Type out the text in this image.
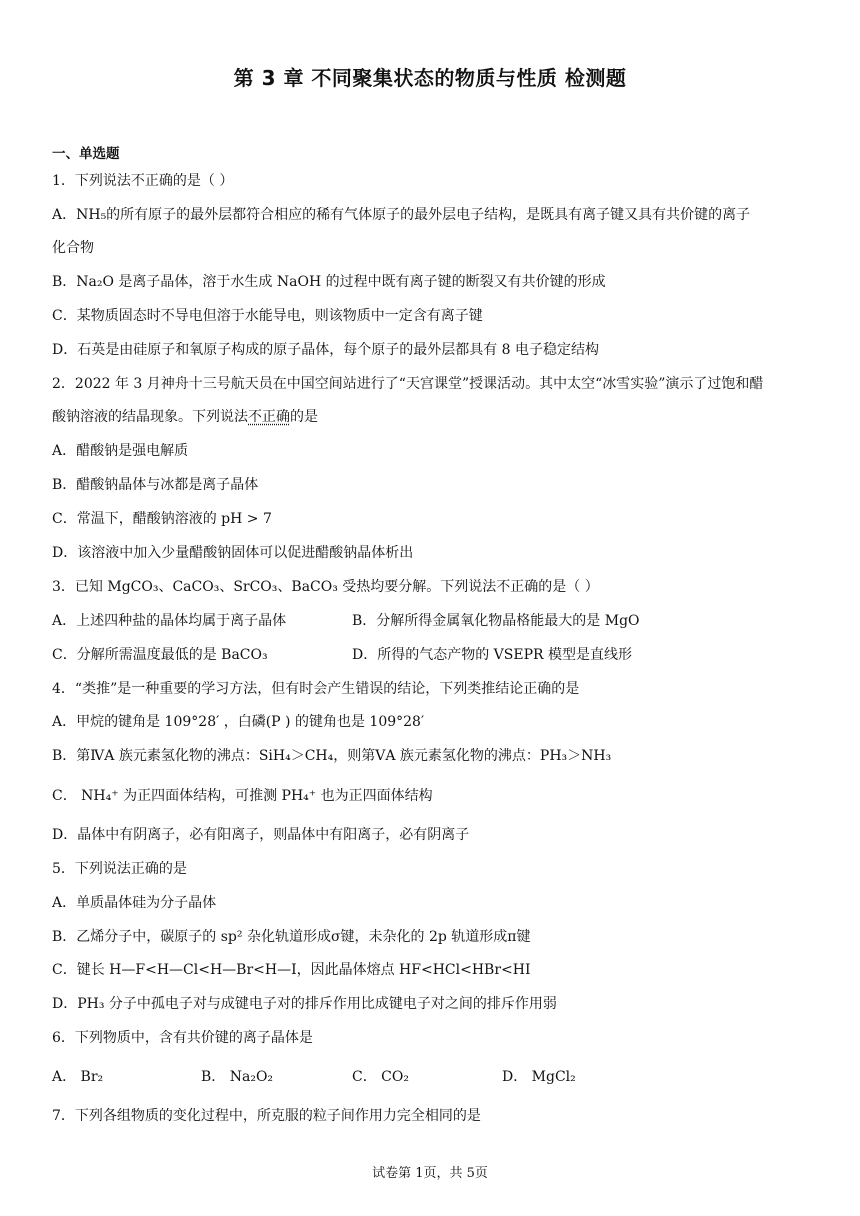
第 3 章 不同聚集状态的物质与性质 检测题
一、单选题
1．下列说法不正确的是（ ）
A．NH₅的所有原子的最外层都符合相应的稀有气体原子的最外层电子结构，是既具有离子键又具有共价键的离子
化合物
B．Na₂O 是离子晶体，溶于水生成 NaOH 的过程中既有离子键的断裂又有共价键的形成
C．某物质固态时不导电但溶于水能导电，则该物质中一定含有离子键
D．石英是由硅原子和氧原子构成的原子晶体，每个原子的最外层都具有 8 电子稳定结构
2．2022 年 3 月神舟十三号航天员在中国空间站进行了“天宫课堂”授课活动。其中太空“冰雪实验”演示了过饱和醋
酸钠溶液的结晶现象。下列说法不正确的是
A．醋酸钠是强电解质
B．醋酸钠晶体与冰都是离子晶体
C．常温下，醋酸钠溶液的 pH > 7
D．该溶液中加入少量醋酸钠固体可以促进醋酸钠晶体析出
3．已知 MgCO₃、CaCO₃、SrCO₃、BaCO₃ 受热均要分解。下列说法不正确的是（ ）
A．上述四种盐的晶体均属于离子晶体	B．分解所得金属氧化物晶格能最大的是 MgO
C．分解所需温度最低的是 BaCO₃	D．所得的气态产物的 VSEPR 模型是直线形
4．“类推”是一种重要的学习方法，但有时会产生错误的结论，下列类推结论正确的是
A．甲烷的键角是 109°28′ ，白磷(P ) 的键角也是 109°28′
B．第ⅣA 族元素氢化物的沸点：SiH₄＞CH₄，则第ⅤA 族元素氢化物的沸点：PH₃＞NH₃
C． NH₄⁺ 为正四面体结构，可推测 PH₄⁺ 也为正四面体结构
D．晶体中有阴离子，必有阳离子，则晶体中有阳离子，必有阴离子
5．下列说法正确的是
A．单质晶体硅为分子晶体
B．乙烯分子中，碳原子的 sp² 杂化轨道形成σ键，未杂化的 2p 轨道形成π键
C．键长 H—F<H—Cl<H—Br<H—I，因此晶体熔点 HF<HCl<HBr<HI
D．PH₃ 分子中孤电子对与成键电子对的排斥作用比成键电子对之间的排斥作用弱
6．下列物质中，含有共价键的离子晶体是
A． Br₂	B． Na₂O₂	C． CO₂	D． MgCl₂
7．下列各组物质的变化过程中，所克服的粒子间作用力完全相同的是
试卷第 1页，共 5页
